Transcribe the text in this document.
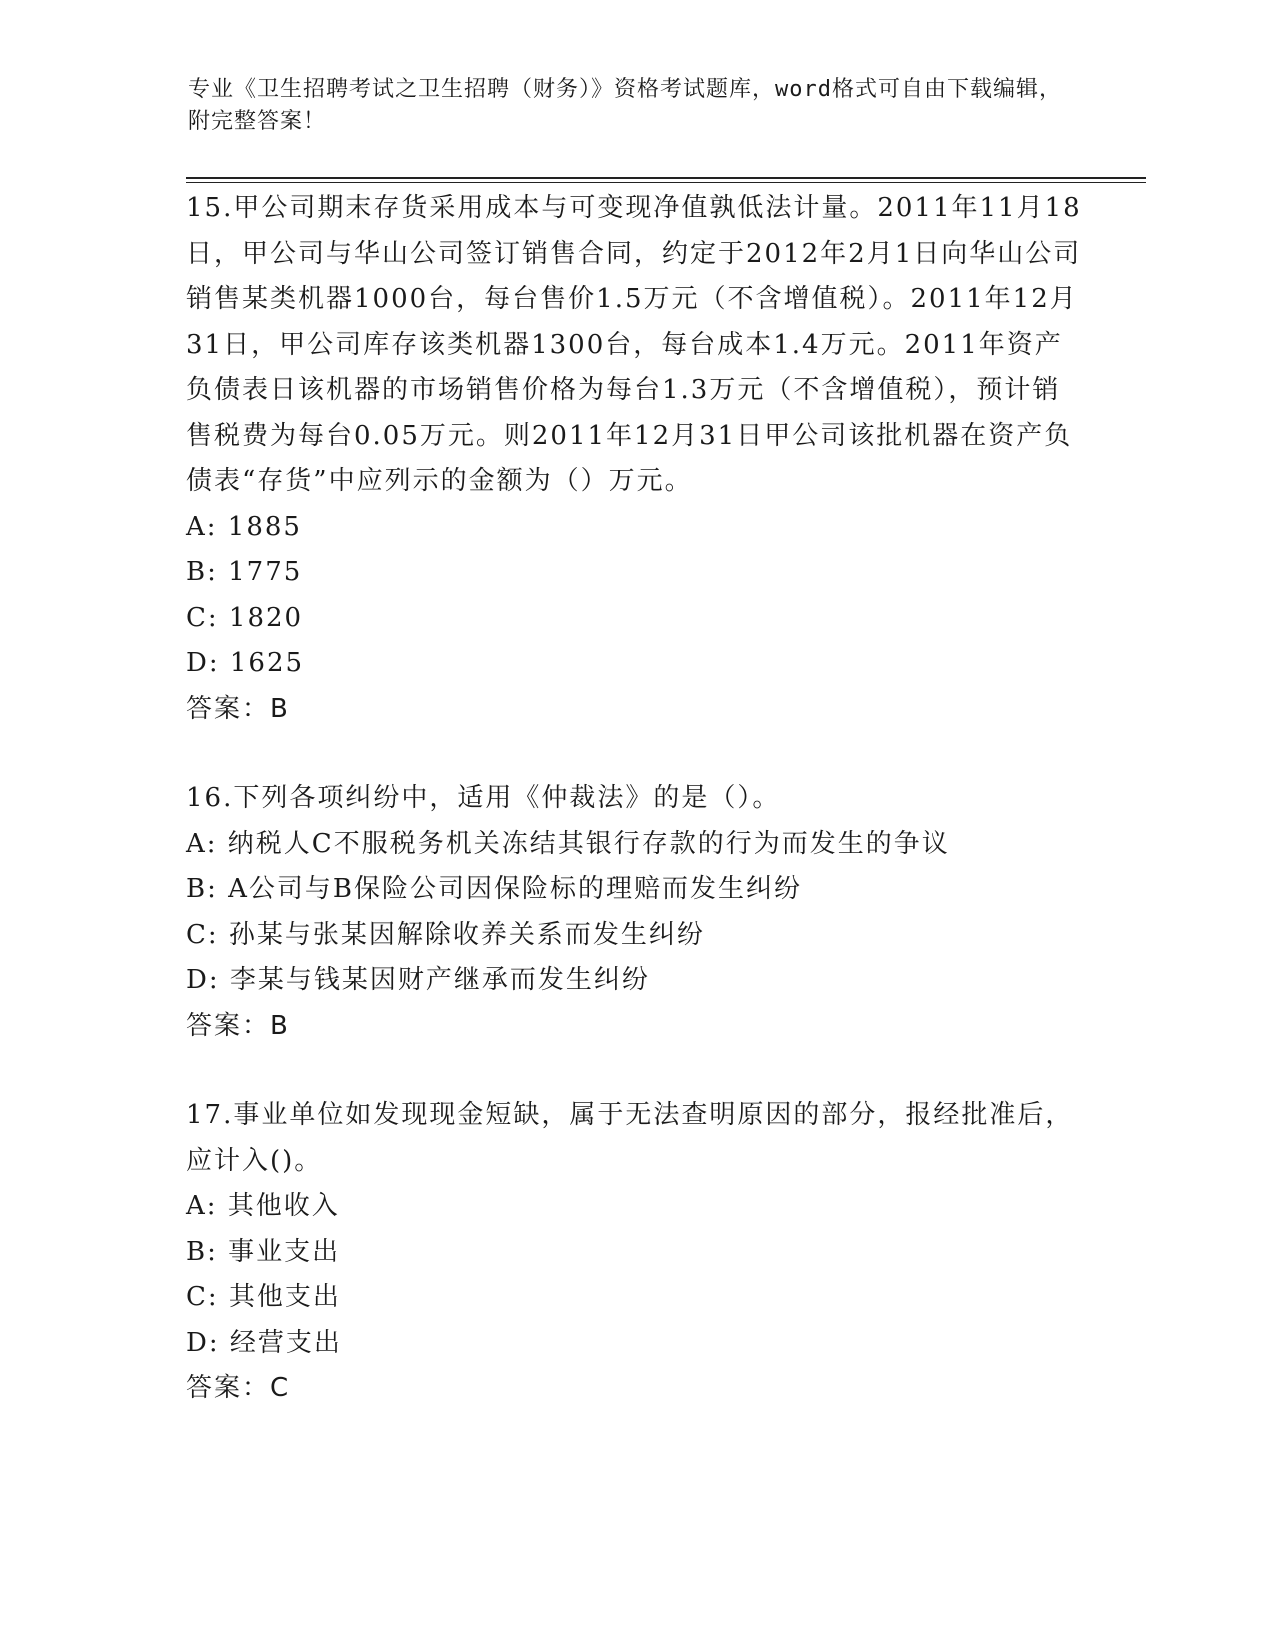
专业《卫生招聘考试之卫生招聘（财务）》资格考试题库，word格式可自由下载编辑，附完整答案！

15.甲公司期末存货采用成本与可变现净值孰低法计量。2011年11月18日，甲公司与华山公司签订销售合同，约定于2012年2月1日向华山公司销售某类机器1000台，每台售价1.5万元（不含增值税）。2011年12月31日，甲公司库存该类机器1300台，每台成本1.4万元。2011年资产负债表日该机器的市场销售价格为每台1.3万元（不含增值税），预计销售税费为每台0.05万元。则2011年12月31日甲公司该批机器在资产负债表“存货”中应列示的金额为（）万元。

A: 1885

B: 1775

C: 1820

D: 1625

答案：B

16.下列各项纠纷中，适用《仲裁法》的是（）。

A: 纳税人C不服税务机关冻结其银行存款的行为而发生的争议

B: A公司与B保险公司因保险标的理赔而发生纠纷

C: 孙某与张某因解除收养关系而发生纠纷

D: 李某与钱某因财产继承而发生纠纷

答案：B

17.事业单位如发现现金短缺，属于无法查明原因的部分，报经批准后，应计入()。

A: 其他收入

B: 事业支出

C: 其他支出

D: 经营支出

答案：C
